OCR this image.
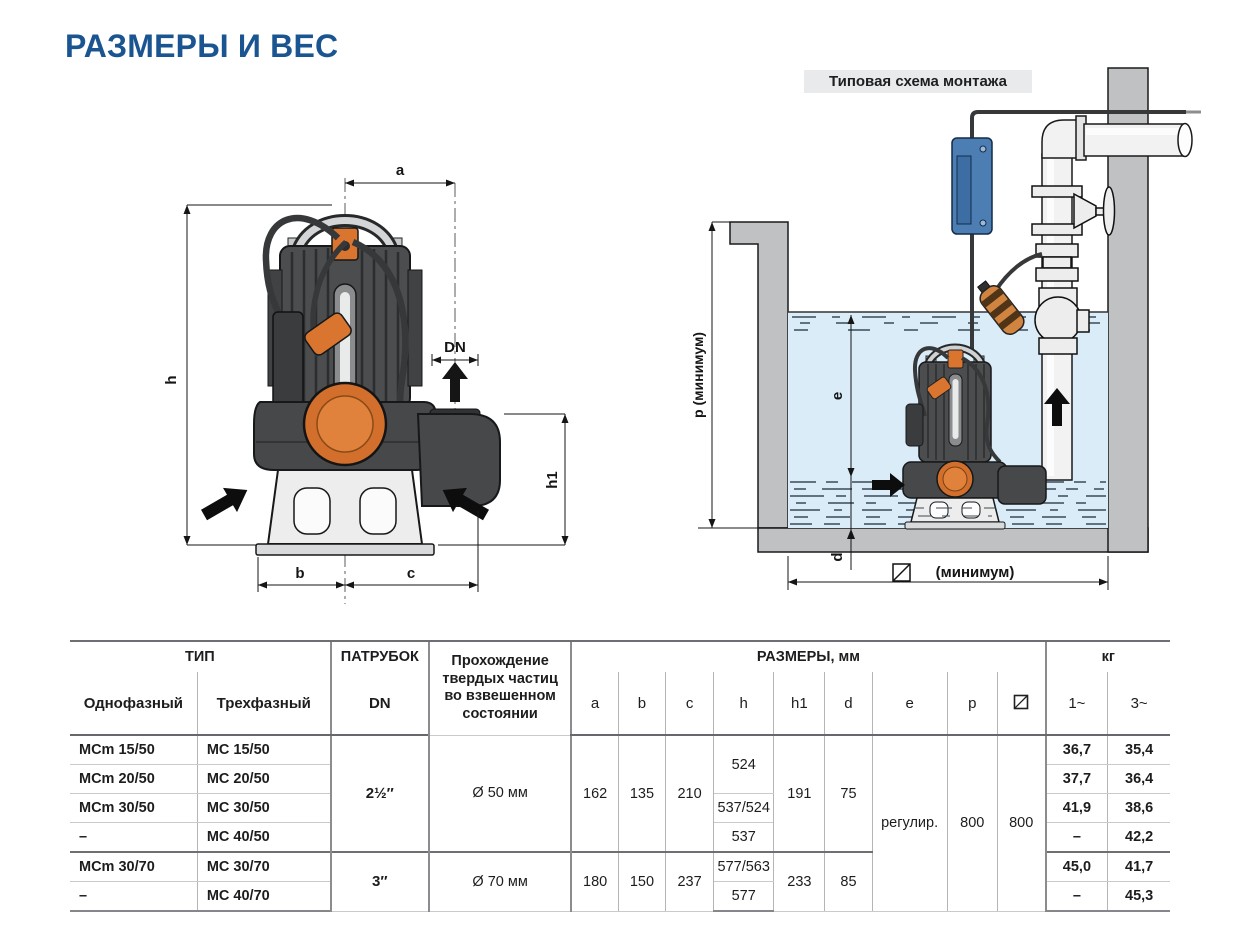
РАЗМЕРЫ И ВЕС
a
h
DN
h1
b	c
Типовая схема монтажа
p (минимум)	e
d
(минимум)
ТИП		ПАТРУБОК	Прохождение твердых частиц во взвешенном состоянии	РАЗМЕРЫ, мм									кг	
Однофазный	Трехфазный	DN		a	b	c	h	h1	d	e	p		1~	3~
MCm 15/50	MC 15/50	2½″	Ø 50 мм	162	135	210	524	191	75	регулир.	800	800	36,7	35,4
MCm 20/50	MC 20/50												37,7	36,4
MCm 30/50	MC 30/50						537/524						41,9	38,6
–	MC 40/50						537						–	42,2
MCm 30/70	MC 30/70	3″	Ø 70 мм	180	150	237	577/563	233	85				45,0	41,7
–	MC 40/70						577						–	45,3
